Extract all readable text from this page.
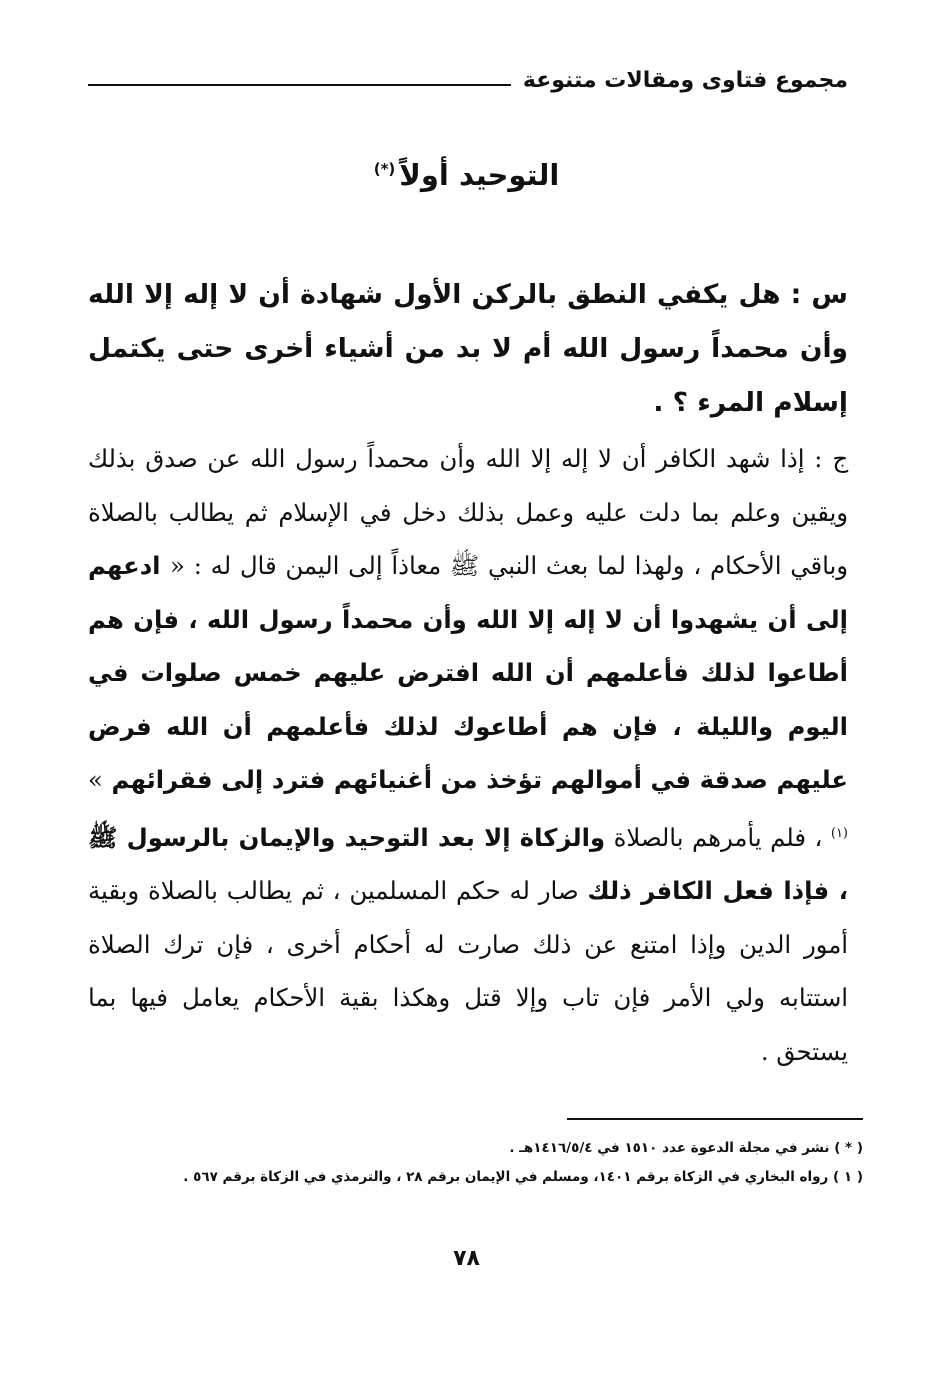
مجموع فتاوى ومقالات متنوعة
التوحيد أولاً(*)
س : هل يكفي النطق بالركن الأول شهادة أن لا إله إلا الله وأن محمداً رسول الله أم لا بد من أشياء أخرى حتى يكتمل إسلام المرء ؟ .
ج : إذا شهد الكافر أن لا إله إلا الله وأن محمداً رسول الله عن صدق بذلك ويقين وعلم بما دلت عليه وعمل بذلك دخل في الإسلام ثم يطالب بالصلاة وباقي الأحكام ، ولهذا لما بعث النبي ﷺ معاذاً إلى اليمن قال له : « ادعهم إلى أن يشهدوا أن لا إله إلا الله وأن محمداً رسول الله ، فإن هم أطاعوا لذلك فأعلمهم أن الله افترض عليهم خمس صلوات في اليوم والليلة ، فإن هم أطاعوك لذلك فأعلمهم أن الله فرض عليهم صدقة في أموالهم تؤخذ من أغنيائهم فترد إلى فقرائهم » $^{(١)}$ ، فلم يأمرهم بالصلاة والزكاة إلا بعد التوحيد والإيمان بالرسول ﷺ ، فإذا فعل الكافر ذلك صار له حكم المسلمين ، ثم يطالب بالصلاة وبقية أمور الدين وإذا امتنع عن ذلك صارت له أحكام أخرى ، فإن ترك الصلاة استتابه ولي الأمر فإن تاب وإلا قتل وهكذا بقية الأحكام يعامل فيها بما يستحق .
( * ) نشر في مجلة الدعوة عدد ١٥١٠ في ١٤١٦/٥/٤هـ .
( ١ ) رواه البخاري في الزكاة برقم ١٤٠١، ومسلم في الإيمان برقم ٢٨ ، والترمذي في الزكاة برقم ٥٦٧ .
٧٨
